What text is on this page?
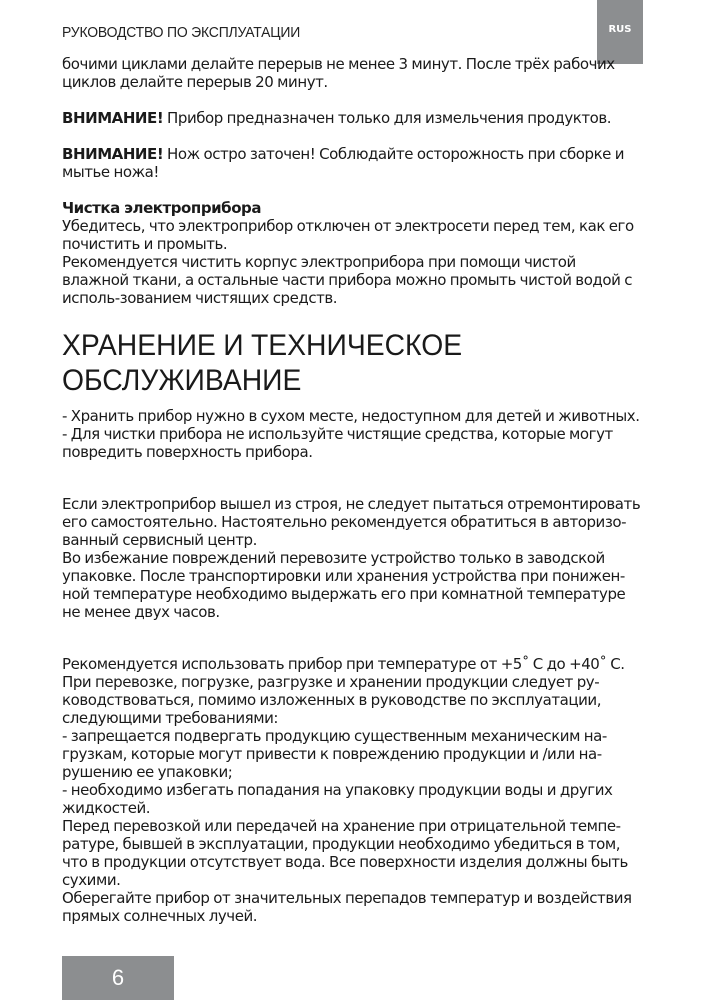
РУКОВОДСТВО ПО ЭКСПЛУАТАЦИИ	RUS

бочими циклами делайте перерыв не менее 3 минут. После трёх рабочих циклов делайте перерыв 20 минут.

ВНИМАНИЕ! Прибор предназначен только для измельчения продуктов.

ВНИМАНИЕ! Нож остро заточен! Соблюдайте осторожность при сборке и мытье ножа!

Чистка электроприбора

Убедитесь, что электроприбор отключен от электросети перед тем, как его почистить и промыть.

Рекомендуется чистить корпус электроприбора при помощи чистой влажной ткани, а остальные части прибора можно промыть чистой водой с исполь-зованием чистящих средств.

ХРАНЕНИЕ И ТЕХНИЧЕСКОЕ ОБСЛУЖИВАНИЕ

- Хранить прибор нужно в сухом месте, недоступном для детей и животных.

- Для чистки прибора не используйте чистящие средства, которые могут повредить поверхность прибора.

Если электроприбор вышел из строя, не следует пытаться отремонтировать его самостоятельно. Настоятельно рекомендуется обратиться в авторизо-ванный сервисный центр.

Во избежание повреждений перевозите устройство только в заводской упаковке. После транспортировки или хранения устройства при понижен-ной температуре необходимо выдержать его при комнатной температуре не менее двух часов.

Рекомендуется использовать прибор при температуре от +5˚ С до +40˚ С.

При перевозке, погрузке, разгрузке и хранении продукции следует ру-ководствоваться, помимо изложенных в руководстве по эксплуатации, следующими требованиями:

- запрещается подвергать продукцию существенным механическим на-грузкам, которые могут привести к повреждению продукции и /или на-рушению ее упаковки;

- необходимо избегать попадания на упаковку продукции воды и других жидкостей.

Перед перевозкой или передачей на хранение при отрицательной темпе-ратуре, бывшей в эксплуатации, продукции необходимо убедиться в том, что в продукции отсутствует вода. Все поверхности изделия должны быть сухими.

Оберегайте прибор от значительных перепадов температур и воздействия прямых солнечных лучей.

6
